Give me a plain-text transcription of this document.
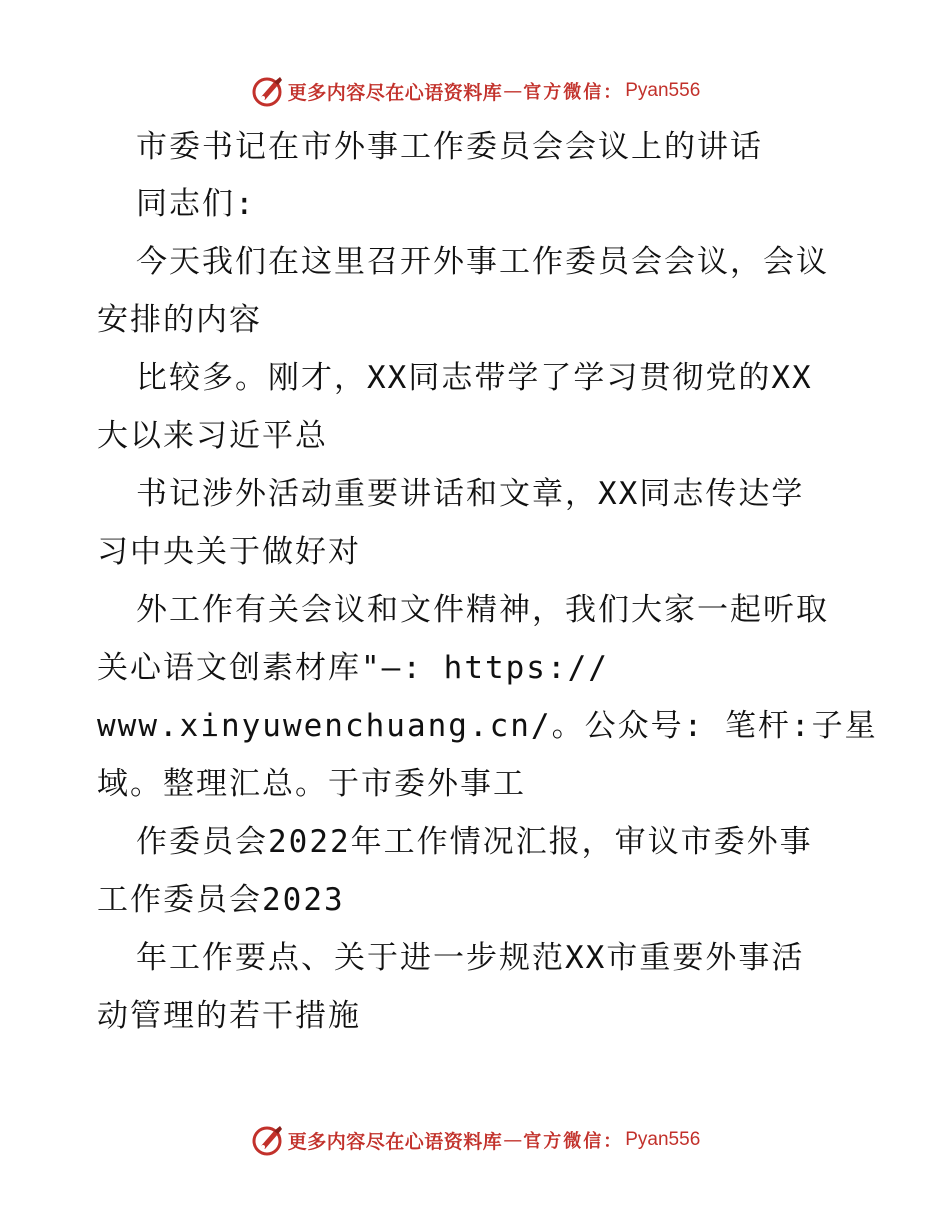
更多内容尽在心语资料库 — 官方微信： Pyan556
市委书记在市外事工作委员会会议上的讲话
同志们:
今天我们在这里召开外事工作委员会会议，会议
安排的内容
比较多。刚才，XX同志带学了学习贯彻党的XX
大以来习近平总
书记涉外活动重要讲话和文章，XX同志传达学
习中央关于做好对
外工作有关会议和文件精神，我们大家一起听取
关心语文创素材库"—: https://
www.xinyuwenchuang.cn/。公众号: 笔杆:子星
域。整理汇总。于市委外事工
作委员会2022年工作情况汇报，审议市委外事
工作委员会2023
年工作要点、关于进一步规范XX市重要外事活
动管理的若干措施
更多内容尽在心语资料库 — 官方微信： Pyan556
